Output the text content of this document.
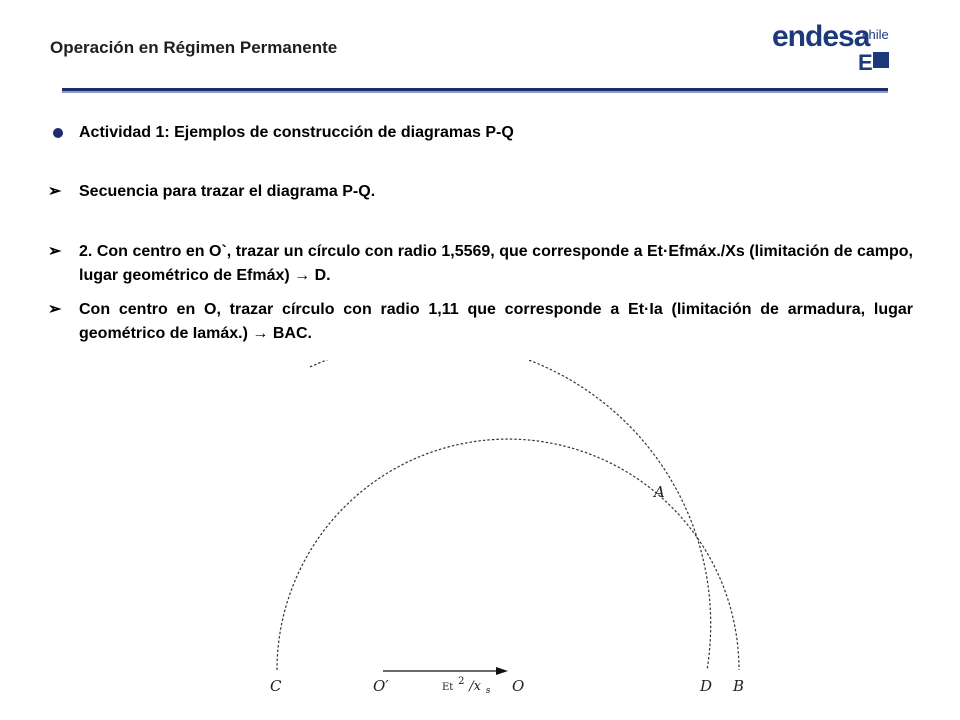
Operación en Régimen Permanente	endesa
chile
E
Actividad 1: Ejemplos de construcción de diagramas P-Q
➢ Secuencia para trazar el diagrama P-Q.
➢ 2. Con centro en O`, trazar un círculo con radio 1,5569, que corresponde a Et·Efmáx./Xs (limitación de campo, lugar geométrico de Efmáx) → D.
➢ Con centro en O, trazar círculo con radio 1,11 que corresponde a Et·Ia (limitación de armadura, lugar geométrico de Iamáx.) → BAC.
A
C	O′	O	D B
Et $^2$ /x $_s$
